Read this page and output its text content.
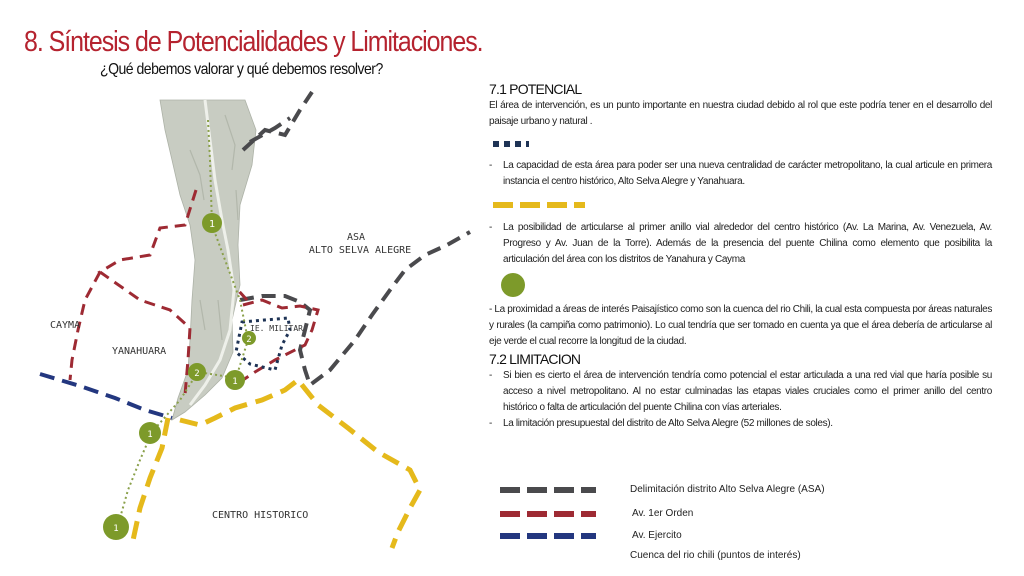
8. Síntesis de Potencialidades y Limitaciones.

¿Qué debemos valorar y qué debemos resolver?

1
2
2
1
1
1
ASA
ALTO SELVA ALEGRE
CAYMA
YANAHUARA
IE. MILITAR
CENTRO HISTORICO
7.1 POTENCIAL

El área de intervención, es un punto importante en nuestra ciudad debido al rol que este podría tener en el desarrollo del paisaje urbano y natural .

-	La capacidad de esta área para poder ser una nueva centralidad de carácter metropolitano, la cual articule en primera instancia el centro histórico, Alto Selva Alegre y Yanahuara.

-	La posibilidad de articularse al primer anillo vial alrededor del centro histórico (Av. La Marina, Av. Venezuela, Av. Progreso y Av. Juan de la Torre). Además de la presencia del puente Chilina como elemento que posibilita la articulación del área con los distritos de Yanahura y Cayma

- La proximidad a áreas de interés Paisajístico como son la cuenca del rio Chili, la cual esta compuesta por áreas naturales y rurales (la campiña como patrimonio). Lo cual tendría que ser tomado en cuenta ya que el área debería de articularse al eje verde el cual recorre la longitud de la ciudad.

7.2 LIMITACION

-	Si bien es cierto el área de intervención tendría como potencial el estar articulada a una red vial que haría posible su acceso a nivel metropolitano. Al no estar culminadas las etapas viales cruciales como el primer anillo del centro histórico o falta de articulación del puente Chilina con vías arteriales.

-	La limitación presupuestal del distrito de Alto Selva Alegre (52 millones de soles).

Delimitación distrito Alto Selva Alegre (ASA)
Av. 1er Orden
Av. Ejercito
Cuenca del rio chili (puntos de interés)
